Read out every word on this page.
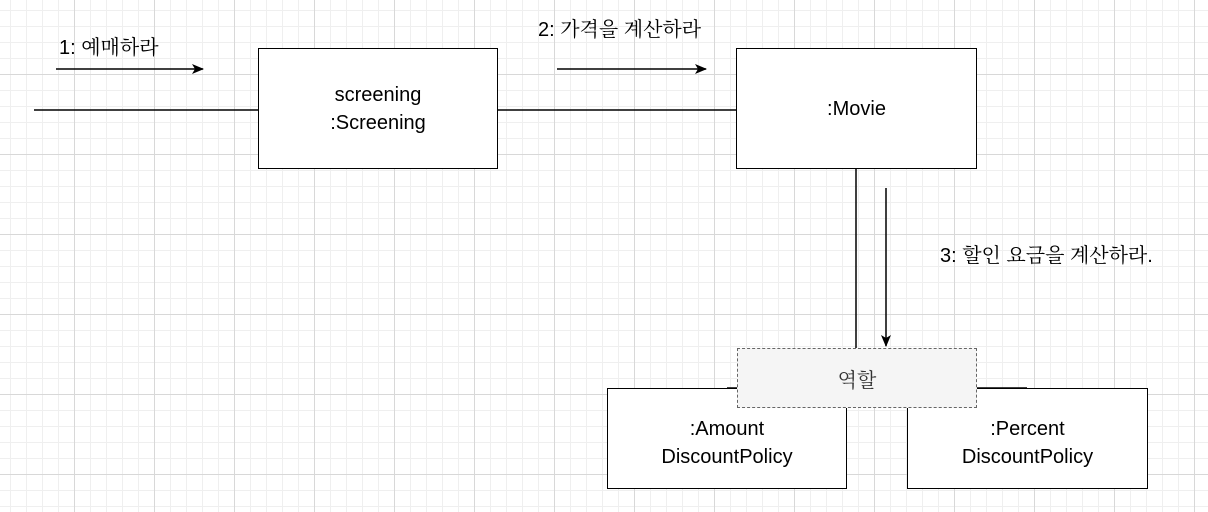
1: 예매하라
2: 가격을 계산하라
3: 할인 요금을 계산하라.
screening
:Screening
:Movie
:Amount
DiscountPolicy
:Percent
DiscountPolicy
역할
